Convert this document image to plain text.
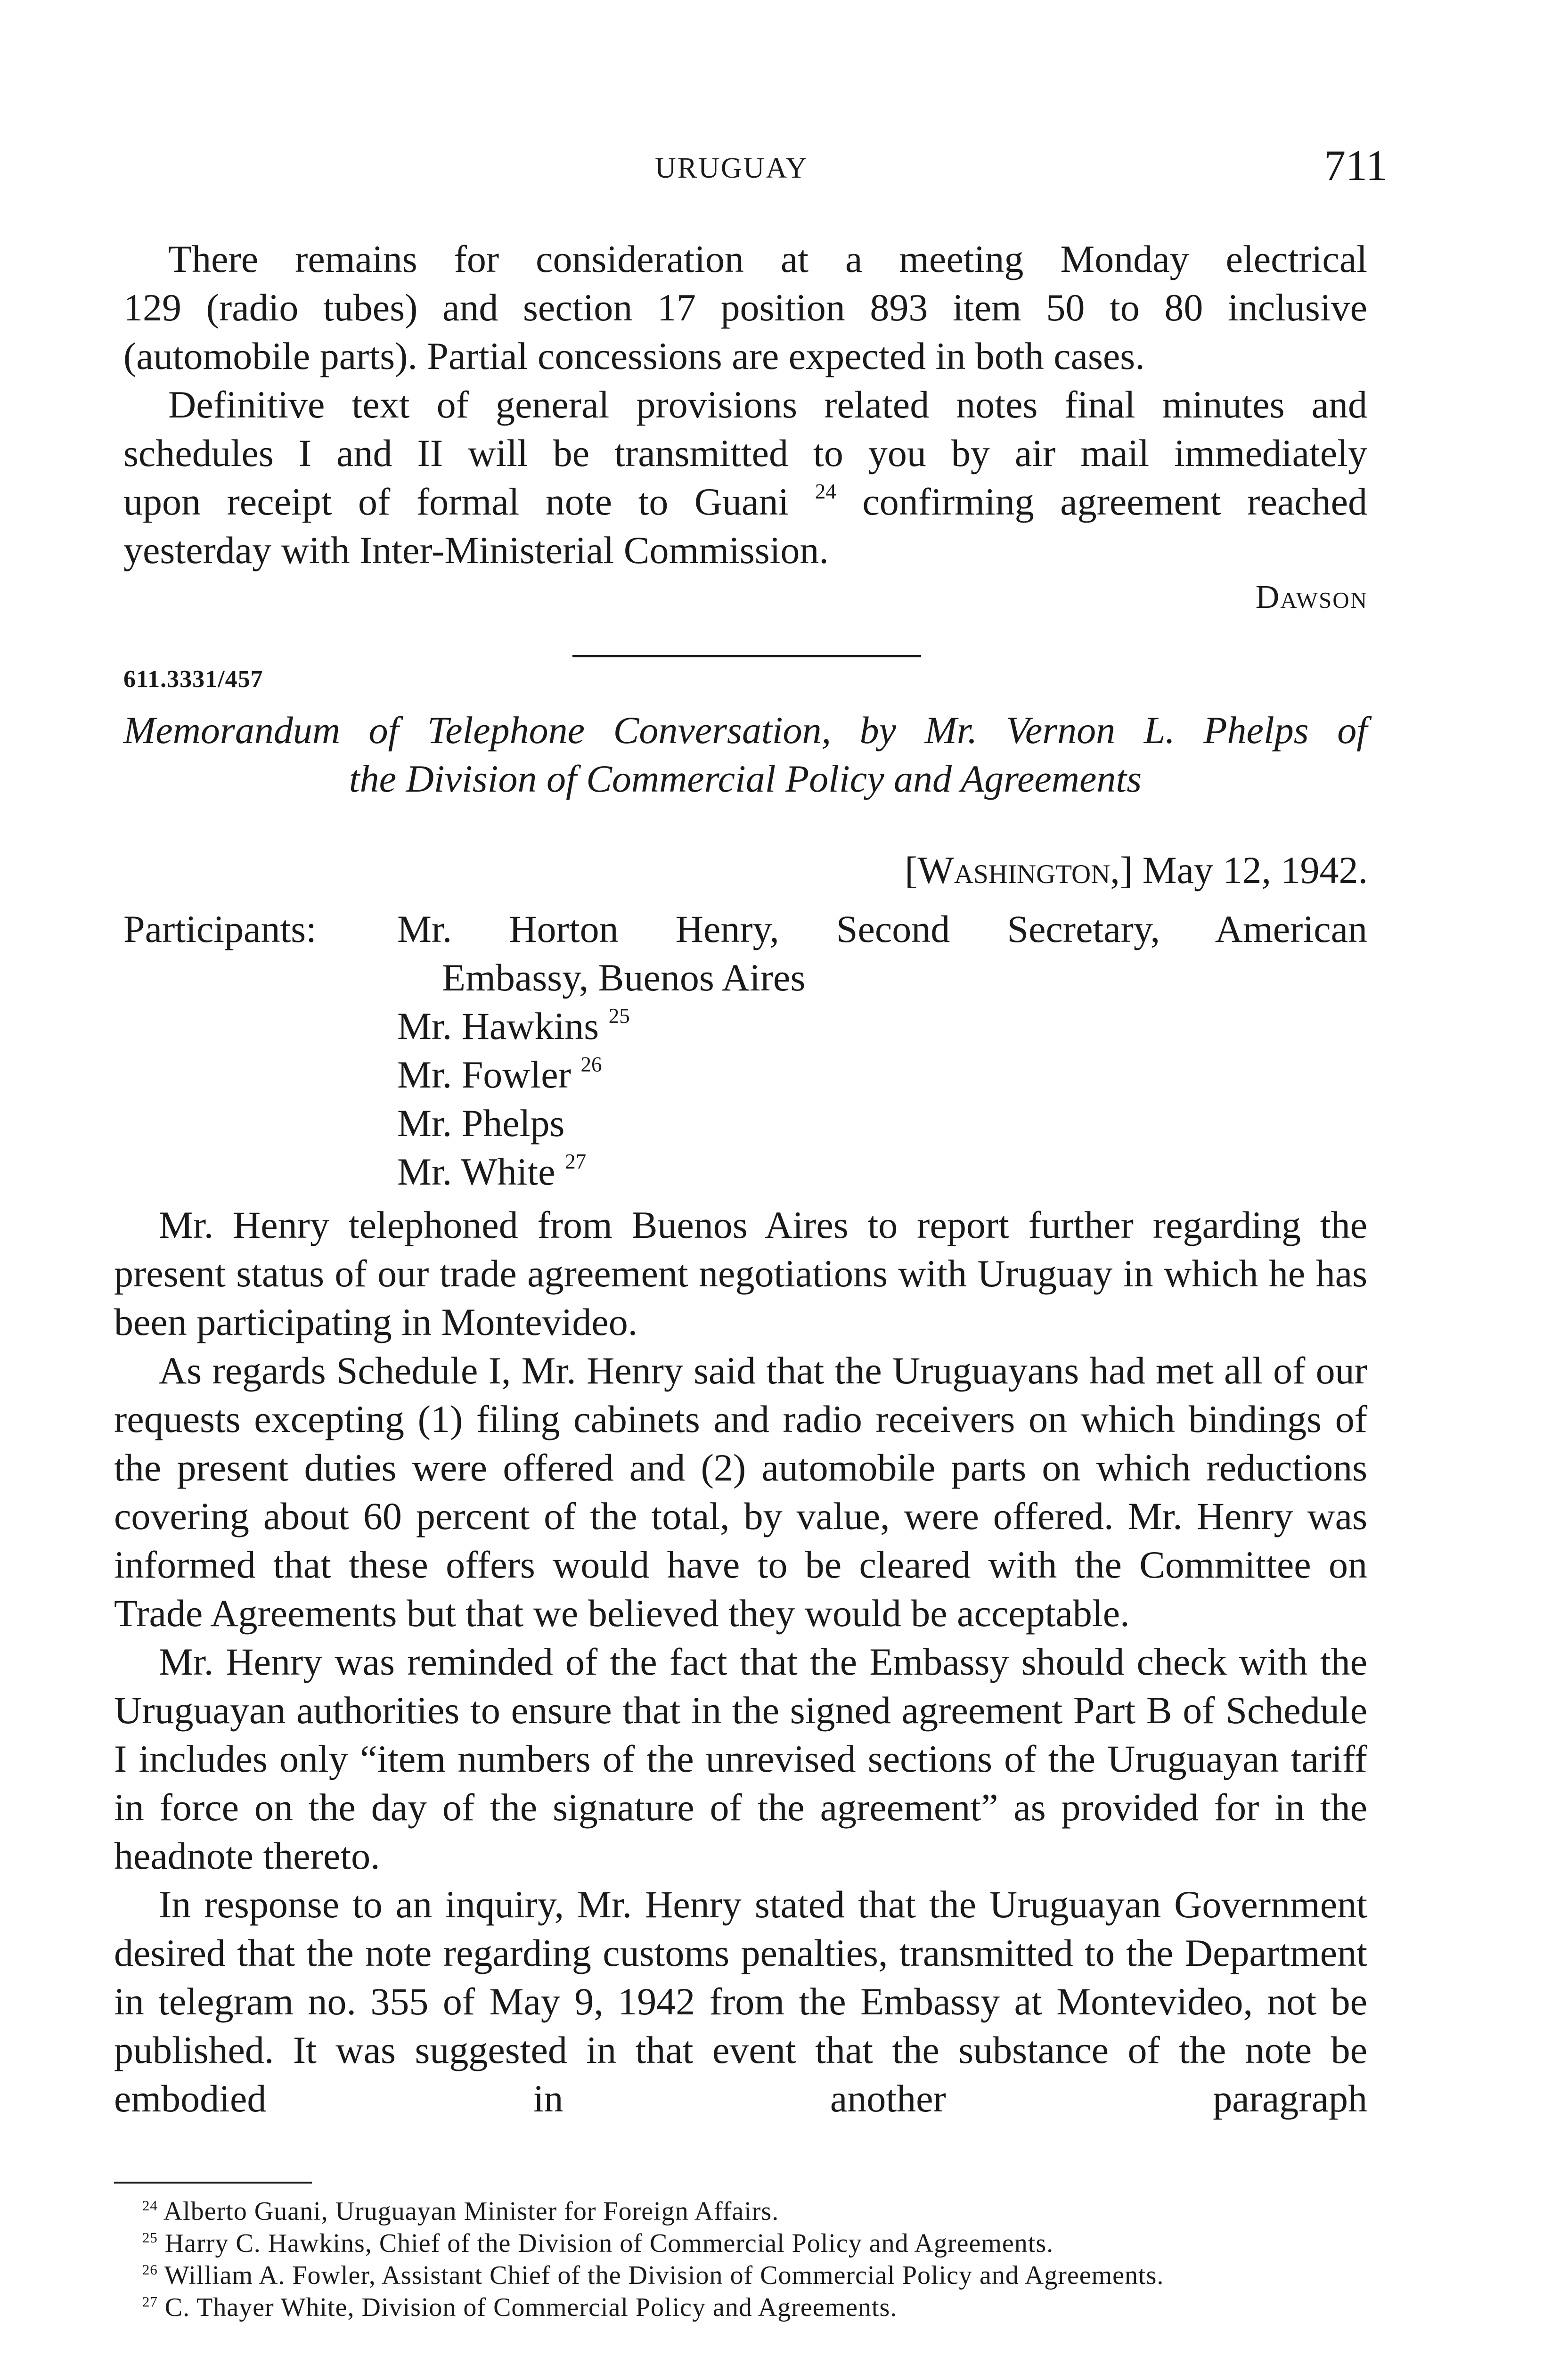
URUGUAY	711
There remains for consideration at a meeting Monday electrical
129 (radio tubes) and section 17 position 893 item 50 to 80 inclusive
(automobile parts). Partial concessions are expected in both cases.
Definitive text of general provisions related notes final minutes and
schedules I and II will be transmitted to you by air mail immediately
upon receipt of formal note to Guani $^{24}$ confirming agreement reached
yesterday with Inter-Ministerial Commission.
Dawson
611.3331/457
Memorandum of Telephone Conversation, by Mr. Vernon L. Phelps of
the Division of Commercial Policy and Agreements
[Washington,] May 12, 1942.
Participants: Mr. Horton Henry, Second Secretary, American
Embassy, Buenos Aires
Mr. Hawkins $^{25}$
Mr. Fowler $^{26}$
Mr. Phelps
Mr. White $^{27}$

Mr. Henry telephoned from Buenos Aires to report further regarding the present status of our trade agreement negotiations with Uruguay in which he has been participating in Montevideo.

As regards Schedule I, Mr. Henry said that the Uruguayans had met all of our requests excepting (1) filing cabinets and radio receivers on which bindings of the present duties were offered and (2) automobile parts on which reductions covering about 60 percent of the total, by value, were offered. Mr. Henry was informed that these offers would have to be cleared with the Committee on Trade Agreements but that we believed they would be acceptable.

Mr. Henry was reminded of the fact that the Embassy should check with the Uruguayan authorities to ensure that in the signed agreement Part B of Schedule I includes only “item numbers of the unrevised sections of the Uruguayan tariff in force on the day of the signature of the agreement” as provided for in the headnote thereto.

In response to an inquiry, Mr. Henry stated that the Uruguayan Government desired that the note regarding customs penalties, transmitted to the Department in telegram no. 355 of May 9, 1942 from the Embassy at Montevideo, not be published. It was suggested in that event that the substance of the note be embodied in another paragraph

$^{24}$ Alberto Guani, Uruguayan Minister for Foreign Affairs.
$^{25}$ Harry C. Hawkins, Chief of the Division of Commercial Policy and Agreements.
$^{26}$ William A. Fowler, Assistant Chief of the Division of Commercial Policy and Agreements.
$^{27}$ C. Thayer White, Division of Commercial Policy and Agreements.
